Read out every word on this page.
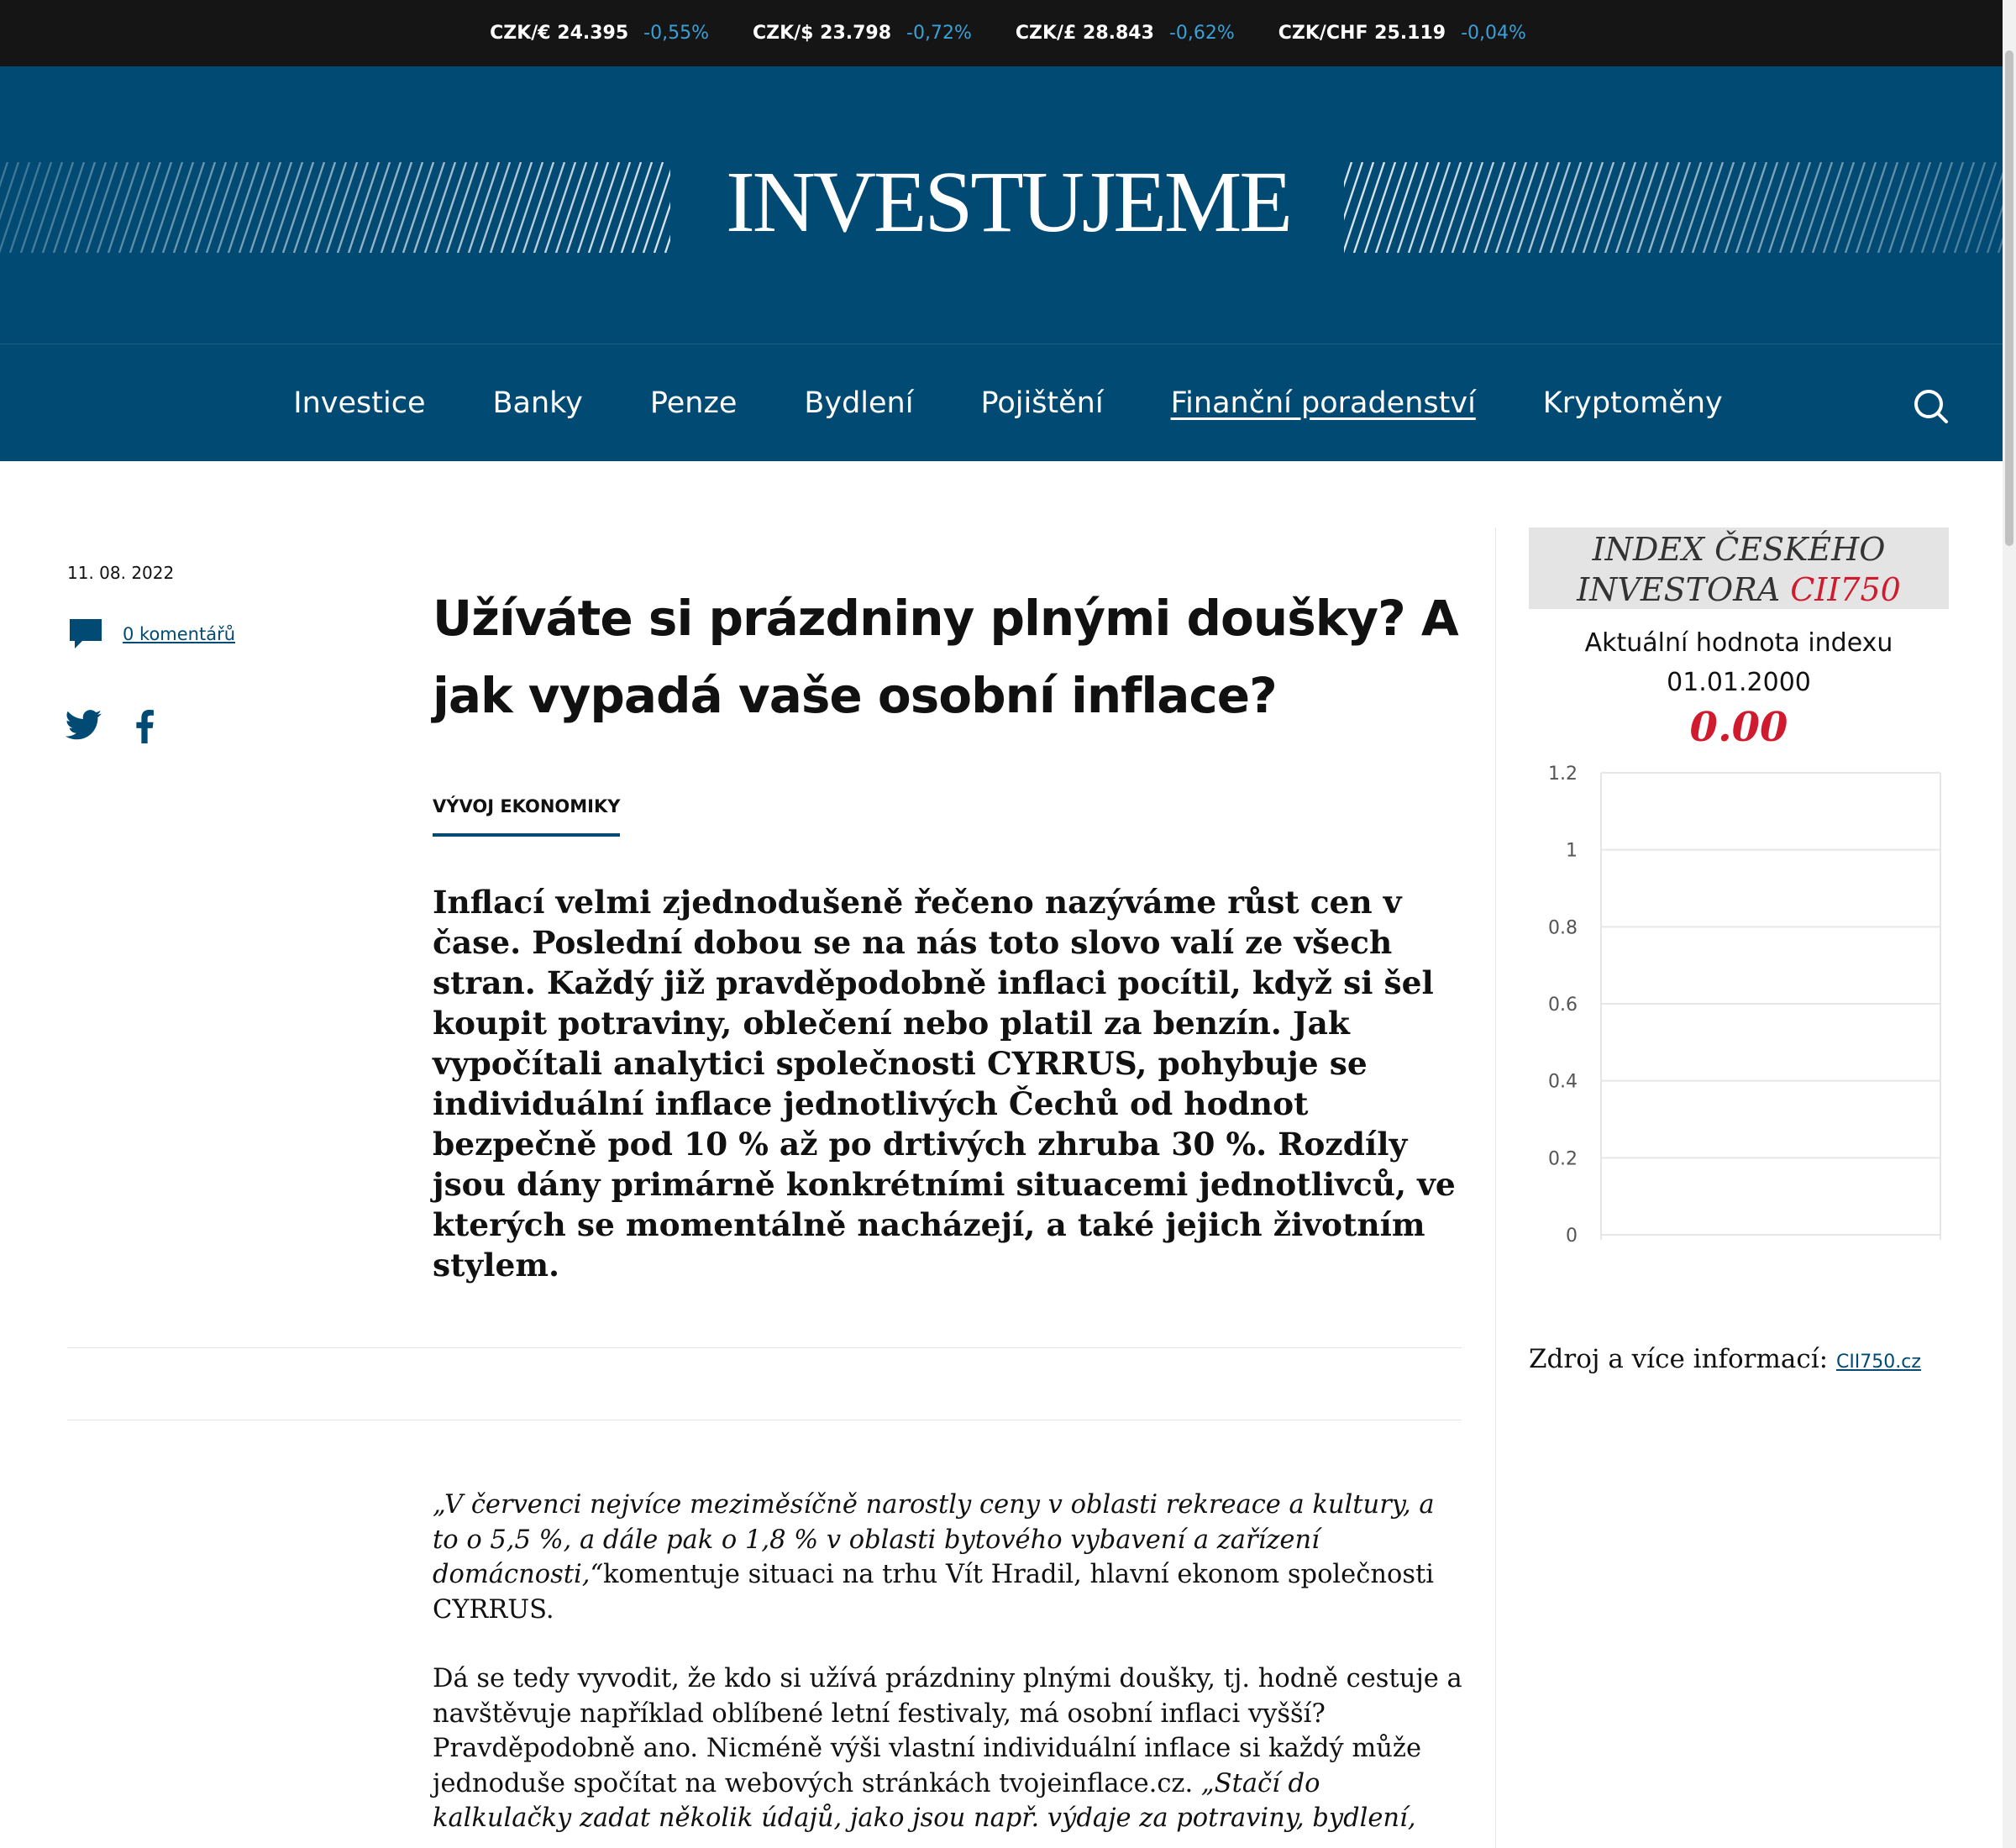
CZK/€ 24.395 -0,55% CZK/$ 23.798 -0,72% CZK/£ 28.843 -0,62% CZK/CHF 25.119 -0,04%
INVESTUJEME
Investice Banky Penze Bydlení Pojištění Finanční poradenství Kryptoměny
11. 08. 2022
0 komentářů	Užíváte si prázdniny plnými doušky? A jak vypadá vaše osobní inflace?
VÝVOJ EKONOMIKY

Inflací velmi zjednodušeně řečeno nazýváme růst cen v čase. Poslední dobou se na nás toto slovo valí ze všech stran. Každý již pravděpodobně inflaci pocítil, když si šel koupit potraviny, oblečení nebo platil za benzín. Jak vypočítali analytici společnosti CYRRUS, pohybuje se individuální inflace jednotlivých Čechů od hodnot bezpečně pod 10 % až po drtivých zhruba 30 %. Rozdíly jsou dány primárně konkrétními situacemi jednotlivců, ve kterých se momentálně nacházejí, a také jejich životním stylem.

„V červenci nejvíce meziměsíčně narostly ceny v oblasti rekreace a kultury, a to o 5,5 %, a dále pak o 1,8 % v oblasti bytového vybavení a zařízení domácnosti,“komentuje situaci na trhu Vít Hradil, hlavní ekonom společnosti CYRRUS.

Dá se tedy vyvodit, že kdo si užívá prázdniny plnými doušky, tj. hodně cestuje a navštěvuje například oblíbené letní festivaly, má osobní inflaci vyšší? Pravděpodobně ano. Nicméně výši vlastní individuální inflace si každý může jednoduše spočítat na webových stránkách tvojeinflace.cz. „Stačí do kalkulačky zadat několik údajů, jako jsou např. výdaje za potraviny, bydlení,

INDEX ČESKÉHO
INVESTORA CII750
Aktuální hodnota indexu
01.01.2000
0.00
0
0.2
0.4
0.6
0.8
1
1.2
Zdroj a více informací: CII750.cz
